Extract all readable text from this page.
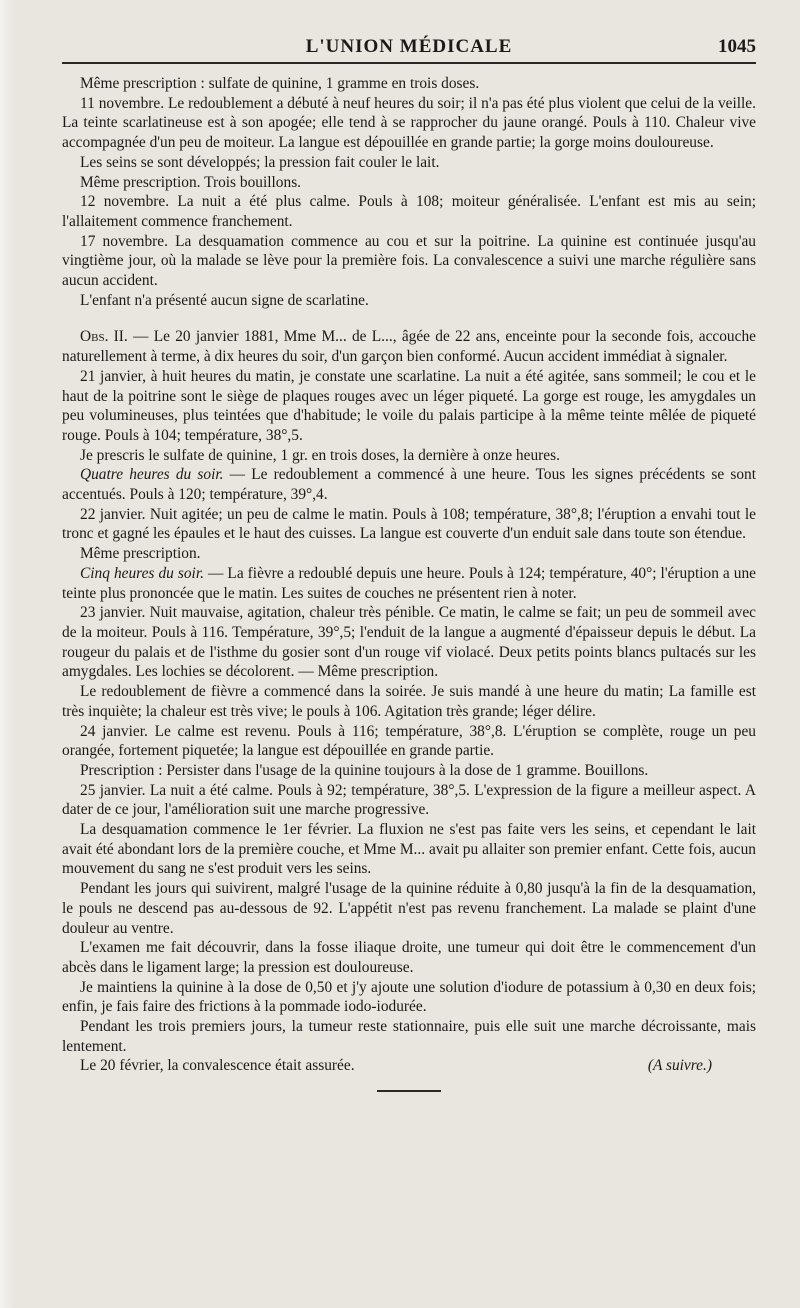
L'UNION MÉDICALE	1045

Même prescription : sulfate de quinine, 1 gramme en trois doses.

11 novembre. Le redoublement a débuté à neuf heures du soir; il n'a pas été plus violent que celui de la veille. La teinte scarlatineuse est à son apogée; elle tend à se rapprocher du jaune orangé. Pouls à 110. Chaleur vive accompagnée d'un peu de moiteur. La langue est dépouillée en grande partie; la gorge moins douloureuse.

Les seins se sont développés; la pression fait couler le lait.

Même prescription. Trois bouillons.

12 novembre. La nuit a été plus calme. Pouls à 108; moiteur généralisée. L'enfant est mis au sein; l'allaitement commence franchement.

17 novembre. La desquamation commence au cou et sur la poitrine. La quinine est continuée jusqu'au vingtième jour, où la malade se lève pour la première fois. La convalescence a suivi une marche régulière sans aucun accident.

L'enfant n'a présenté aucun signe de scarlatine.

Obs. II. — Le 20 janvier 1881, Mme M... de L..., âgée de 22 ans, enceinte pour la seconde fois, accouche naturellement à terme, à dix heures du soir, d'un garçon bien conformé. Aucun accident immédiat à signaler.

21 janvier, à huit heures du matin, je constate une scarlatine. La nuit a été agitée, sans sommeil; le cou et le haut de la poitrine sont le siège de plaques rouges avec un léger piqueté. La gorge est rouge, les amygdales un peu volumineuses, plus teintées que d'habitude; le voile du palais participe à la même teinte mêlée de piqueté rouge. Pouls à 104; température, 38°,5.

Je prescris le sulfate de quinine, 1 gr. en trois doses, la dernière à onze heures.

Quatre heures du soir. — Le redoublement a commencé à une heure. Tous les signes précédents se sont accentués. Pouls à 120; température, 39°,4.

22 janvier. Nuit agitée; un peu de calme le matin. Pouls à 108; température, 38°,8; l'éruption a envahi tout le tronc et gagné les épaules et le haut des cuisses. La langue est couverte d'un enduit sale dans toute son étendue.

Même prescription.

Cinq heures du soir. — La fièvre a redoublé depuis une heure. Pouls à 124; température, 40°; l'éruption a une teinte plus prononcée que le matin. Les suites de couches ne présentent rien à noter.

23 janvier. Nuit mauvaise, agitation, chaleur très pénible. Ce matin, le calme se fait; un peu de sommeil avec de la moiteur. Pouls à 116. Température, 39°,5; l'enduit de la langue a augmenté d'épaisseur depuis le début. La rougeur du palais et de l'isthme du gosier sont d'un rouge vif violacé. Deux petits points blancs pultacés sur les amygdales. Les lochies se décolorent. — Même prescription.

Le redoublement de fièvre a commencé dans la soirée. Je suis mandé à une heure du matin; La famille est très inquiète; la chaleur est très vive; le pouls à 106. Agitation très grande; léger délire.

24 janvier. Le calme est revenu. Pouls à 116; température, 38°,8. L'éruption se complète, rouge un peu orangée, fortement piquetée; la langue est dépouillée en grande partie.

Prescription : Persister dans l'usage de la quinine toujours à la dose de 1 gramme. Bouillons.

25 janvier. La nuit a été calme. Pouls à 92; température, 38°,5. L'expression de la figure a meilleur aspect. A dater de ce jour, l'amélioration suit une marche progressive.

La desquamation commence le 1er février. La fluxion ne s'est pas faite vers les seins, et cependant le lait avait été abondant lors de la première couche, et Mme M... avait pu allaiter son premier enfant. Cette fois, aucun mouvement du sang ne s'est produit vers les seins.

Pendant les jours qui suivirent, malgré l'usage de la quinine réduite à 0,80 jusqu'à la fin de la desquamation, le pouls ne descend pas au-dessous de 92. L'appétit n'est pas revenu franchement. La malade se plaint d'une douleur au ventre.

L'examen me fait découvrir, dans la fosse iliaque droite, une tumeur qui doit être le commencement d'un abcès dans le ligament large; la pression est douloureuse.

Je maintiens la quinine à la dose de 0,50 et j'y ajoute une solution d'iodure de potassium à 0,30 en deux fois; enfin, je fais faire des frictions à la pommade iodo-iodurée.

Pendant les trois premiers jours, la tumeur reste stationnaire, puis elle suit une marche décroissante, mais lentement.

Le 20 février, la convalescence était assurée.	(A suivre.)
